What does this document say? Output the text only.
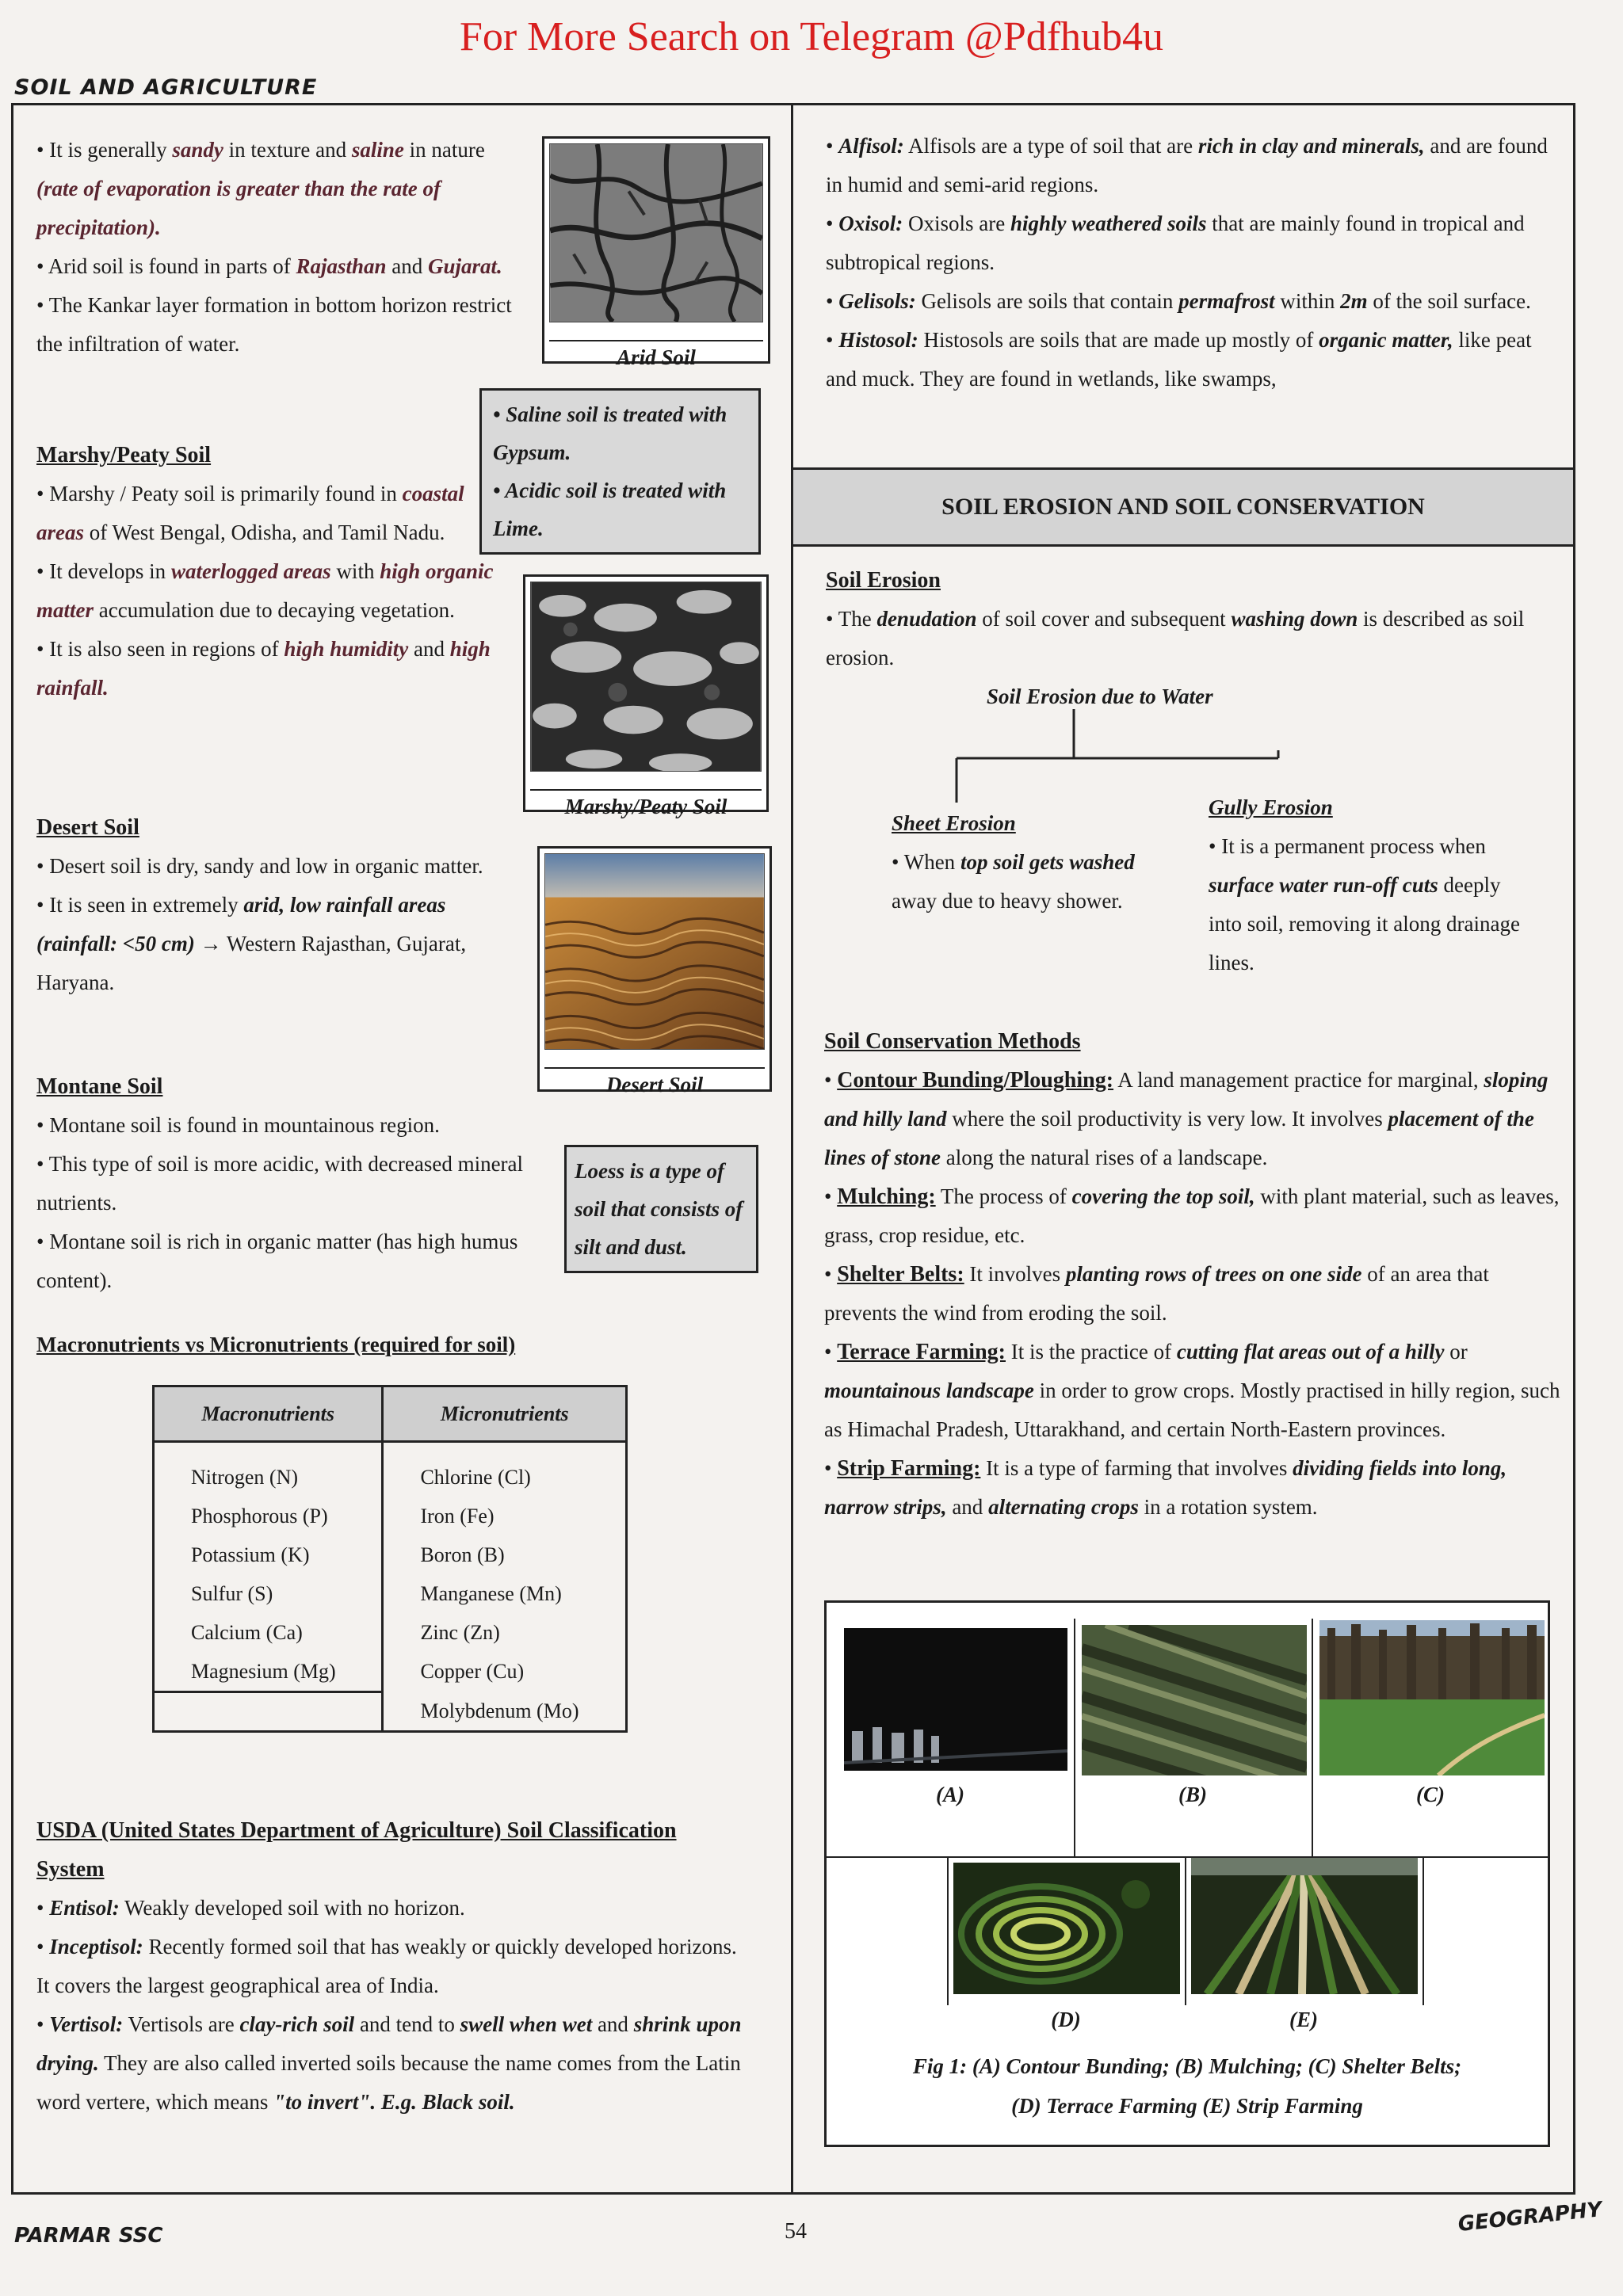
For More Search on Telegram @Pdfhub4u
SOIL AND AGRICULTURE

• It is generally sandy in texture and saline in nature (rate of evaporation is greater than the rate of precipitation).

• Arid soil is found in parts of Rajasthan and Gujarat.

• The Kankar layer formation in bottom horizon restrict the infiltration of water.

Arid Soil

• Saline soil is treated with Gypsum.

• Acidic soil is treated with Lime.

Marshy/Peaty Soil

• Marshy / Peaty soil is primarily found in coastal areas of West Bengal, Odisha, and Tamil Nadu.

• It develops in waterlogged areas with high organic matter accumulation due to decaying vegetation.

• It is also seen in regions of high humidity and high rainfall.

Marshy/Peaty Soil

Desert Soil

• Desert soil is dry, sandy and low in organic matter.

• It is seen in extremely arid, low rainfall areas (rainfall: <50 cm) → Western Rajasthan, Gujarat, Haryana.

Desert Soil

Montane Soil

• Montane soil is found in mountainous region.

• This type of soil is more acidic, with decreased mineral nutrients.

• Montane soil is rich in organic matter (has high humus content).

Loess is a type of soil that consists of silt and dust.

Macronutrients vs Micronutrients (required for soil)

Macronutrients	Micronutrients

Nitrogen (N)	Chlorine (Cl)
Phosphorous (P)	Iron (Fe)
Potassium (K)	Boron (B)
Sulfur (S)	Manganese (Mn)
Calcium (Ca)	Zinc (Zn)
Magnesium (Mg)	Copper (Cu)
	Molybdenum (Mo)

USDA (United States Department of Agriculture) Soil Classification

System

• Entisol: Weakly developed soil with no horizon.

• Inceptisol: Recently formed soil that has weakly or quickly developed horizons. It covers the largest geographical area of India.

• Vertisol: Vertisols are clay-rich soil and tend to swell when wet and shrink upon drying. They are also called inverted soils because the name comes from the Latin word vertere, which means "to invert". E.g. Black soil.

• Alfisol: Alfisols are a type of soil that are rich in clay and minerals, and are found in humid and semi-arid regions.

• Oxisol: Oxisols are highly weathered soils that are mainly found in tropical and subtropical regions.

• Gelisols: Gelisols are soils that contain permafrost within 2m of the soil surface.

• Histosol: Histosols are soils that are made up mostly of organic matter, like peat and muck. They are found in wetlands, like swamps,

SOIL EROSION AND SOIL CONSERVATION

Soil Erosion

• The denudation of soil cover and subsequent washing down is described as soil erosion.

Soil Erosion due to Water

Sheet Erosion

• When top soil gets washed away due to heavy shower.

Gully Erosion

• It is a permanent process when surface water run-off cuts deeply into soil, removing it along drainage lines.

Soil Conservation Methods

• Contour Bunding/Ploughing: A land management practice for marginal, sloping and hilly land where the soil productivity is very low. It involves placement of the lines of stone along the natural rises of a landscape.

• Mulching: The process of covering the top soil, with plant material, such as leaves, grass, crop residue, etc.

• Shelter Belts: It involves planting rows of trees on one side of an area that prevents the wind from eroding the soil.

• Terrace Farming: It is the practice of cutting flat areas out of a hilly or mountainous landscape in order to grow crops. Mostly practised in hilly region, such as Himachal Pradesh, Uttarakhand, and certain North-Eastern provinces.

• Strip Farming: It is a type of farming that involves dividing fields into long, narrow strips, and alternating crops in a rotation system.

(A)	(B)	(C)
(D)	(E)

Fig 1: (A) Contour Bunding; (B) Mulching; (C) Shelter Belts;

(D) Terrace Farming (E) Strip Farming

PARMAR SSC	54	GEOGRAPHY
